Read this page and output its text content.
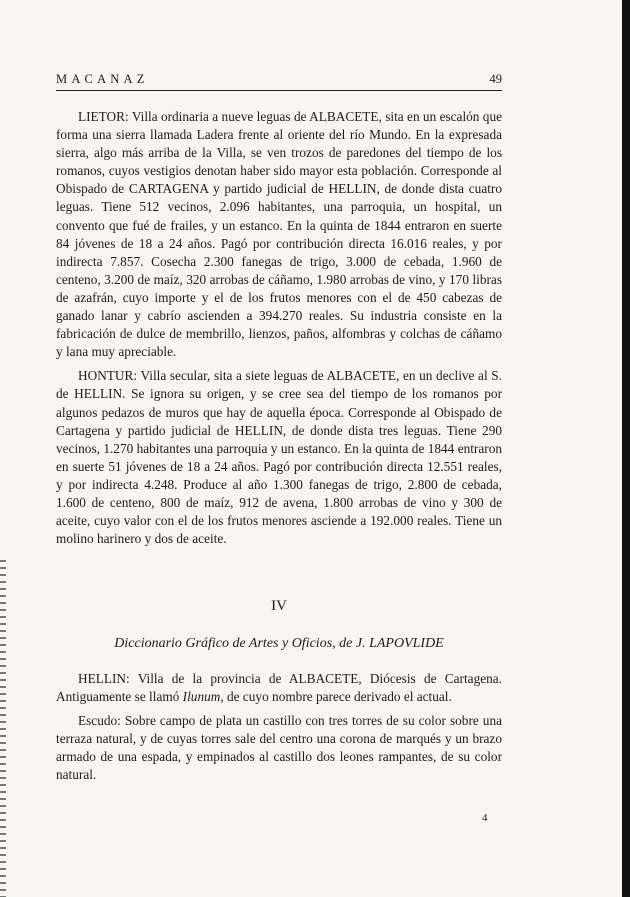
MACANAZ	49

LIETOR: Villa ordinaria a nueve leguas de ALBACETE, sita en un escalón que forma una sierra llamada Ladera frente al oriente del río Mundo. En la expresada sierra, algo más arriba de la Villa, se ven trozos de paredones del tiempo de los romanos, cuyos vestigios denotan haber sido mayor esta población. Corresponde al Obispado de CARTAGENA y partido judicial de HELLIN, de donde dista cuatro leguas. Tiene 512 vecinos, 2.096 habitantes, una parroquia, un hospital, un convento que fué de frailes, y un estanco. En la quinta de 1844 entraron en suerte 84 jóvenes de 18 a 24 años. Pagó por contribución directa 16.016 reales, y por indirecta 7.857. Cosecha 2.300 fanegas de trigo, 3.000 de cebada, 1.960 de centeno, 3.200 de maíz, 320 arrobas de cáñamo, 1.980 arrobas de vino, y 170 libras de azafrán, cuyo importe y el de los frutos menores con el de 450 cabezas de ganado lanar y cabrío ascienden a 394.270 reales. Su industria consiste en la fabricación de dulce de membrillo, lienzos, paños, alfombras y colchas de cáñamo y lana muy apreciable.

HONTUR: Villa secular, sita a siete leguas de ALBACETE, en un declive al S. de HELLIN. Se ignora su origen, y se cree sea del tiempo de los romanos por algunos pedazos de muros que hay de aquella época. Corresponde al Obispado de Cartagena y partido judicial de HELLIN, de donde dista tres leguas. Tiene 290 vecinos, 1.270 habitantes una parroquia y un estanco. En la quinta de 1844 entraron en suerte 51 jóvenes de 18 a 24 años. Pagó por contribución directa 12.551 reales, y por indirecta 4.248. Produce al año 1.300 fanegas de trigo, 2.800 de cebada, 1.600 de centeno, 800 de maíz, 912 de avena, 1.800 arrobas de vino y 300 de aceite, cuyo valor con el de los frutos menores asciende a 192.000 reales. Tiene un molino harinero y dos de aceite.

IV
Diccionario Gráfico de Artes y Oficios, de J. LAPOVLIDE

HELLIN: Villa de la provincia de ALBACETE, Diócesis de Cartagena. Antiguamente se llamó Ilunum, de cuyo nombre parece derivado el actual.

Escudo: Sobre campo de plata un castillo con tres torres de su color sobre una terraza natural, y de cuyas torres sale del centro una corona de marqués y un brazo armado de una espada, y empinados al castillo dos leones rampantes, de su color natural.

4
